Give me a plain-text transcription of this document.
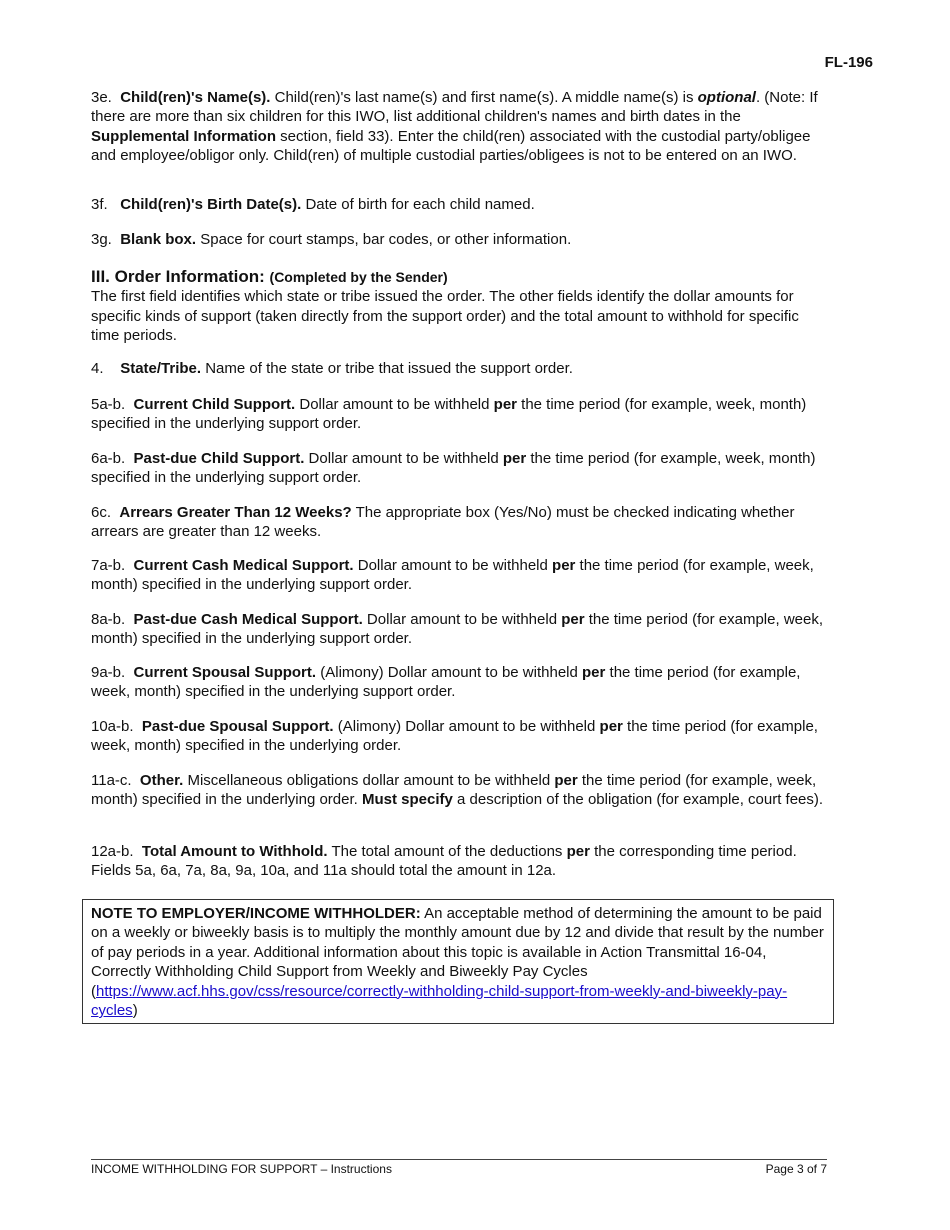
FL-196

3e. Child(ren)'s Name(s). Child(ren)'s last name(s) and first name(s). A middle name(s) is optional. (Note: If there are more than six children for this IWO, list additional children's names and birth dates in the Supplemental Information section, field 33). Enter the child(ren) associated with the custodial party/obligee and employee/obligor only. Child(ren) of multiple custodial parties/obligees is not to be entered on an IWO.

3f. Child(ren)'s Birth Date(s). Date of birth for each child named.

3g. Blank box. Space for court stamps, bar codes, or other information.

III. Order Information: (Completed by the Sender)

The first field identifies which state or tribe issued the order. The other fields identify the dollar amounts for specific kinds of support (taken directly from the support order) and the total amount to withhold for specific time periods.

4. State/Tribe. Name of the state or tribe that issued the support order.

5a-b. Current Child Support. Dollar amount to be withheld per the time period (for example, week, month) specified in the underlying support order.

6a-b. Past-due Child Support. Dollar amount to be withheld per the time period (for example, week, month) specified in the underlying support order.

6c. Arrears Greater Than 12 Weeks? The appropriate box (Yes/No) must be checked indicating whether arrears are greater than 12 weeks.

7a-b. Current Cash Medical Support. Dollar amount to be withheld per the time period (for example, week, month) specified in the underlying support order.

8a-b. Past-due Cash Medical Support. Dollar amount to be withheld per the time period (for example, week, month) specified in the underlying support order.

9a-b. Current Spousal Support. (Alimony) Dollar amount to be withheld per the time period (for example, week, month) specified in the underlying support order.

10a-b. Past-due Spousal Support. (Alimony) Dollar amount to be withheld per the time period (for example, week, month) specified in the underlying order.

11a-c. Other. Miscellaneous obligations dollar amount to be withheld per the time period (for example, week, month) specified in the underlying order. Must specify a description of the obligation (for example, court fees).

12a-b. Total Amount to Withhold. The total amount of the deductions per the corresponding time period. Fields 5a, 6a, 7a, 8a, 9a, 10a, and 11a should total the amount in 12a.

NOTE TO EMPLOYER/INCOME WITHHOLDER: An acceptable method of determining the amount to be paid on a weekly or biweekly basis is to multiply the monthly amount due by 12 and divide that result by the number of pay periods in a year. Additional information about this topic is available in Action Transmittal 16-04, Correctly Withholding Child Support from Weekly and Biweekly Pay Cycles (https://www.acf.hhs.gov/css/resource/correctly-withholding-child-support-from-weekly-and-biweekly-pay-cycles)
INCOME WITHHOLDING FOR SUPPORT – Instructions	Page 3 of 7
